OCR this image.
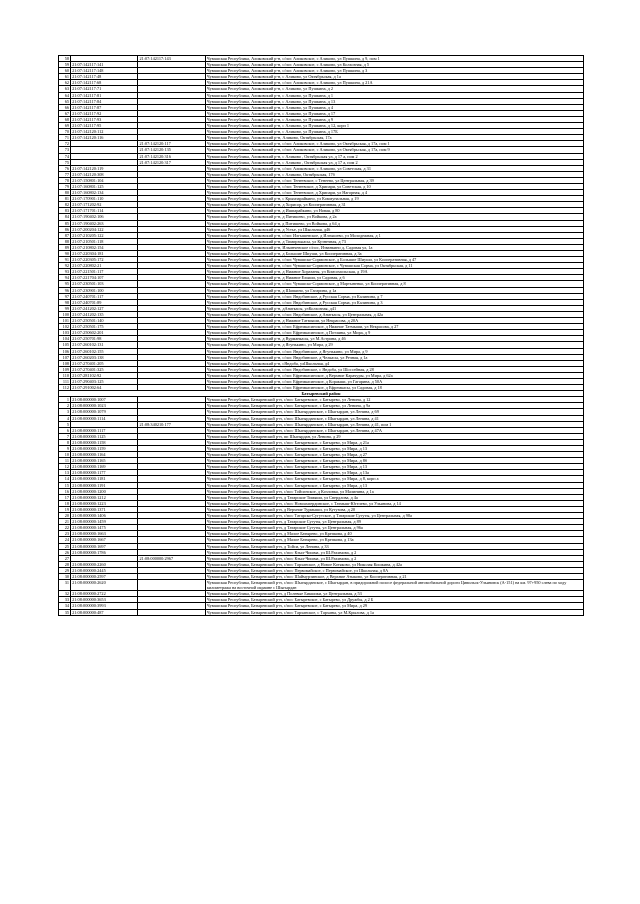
58		21:07:142117:143	Чувашская Республика, Аликовский р-н, с/пос Аликовское, с Аликово, ул Пушкина, д 9, пом 1
59	21:07:142117:141		Чувашская Республика, Аликовский р-н, с/пос Аликовское, с Аликово, ул Колхозная, д 5
60	21:07:142117:148		Чувашская Республика, Аликовский р-н, с/пос Аликовское, с Аликово, ул Пушкина, д 3
61	21:07:142117:48		Чувашская Республика, Аликовский р-н, с Аликово, ул Октябрьская, д 1а
62	21:07:142117:68		Чувашская Республика, Аликовский р-н, с/пос Аликовское, с Аликово, ул Пушкина, д 21А
63	21:07:142117:71		Чувашская Республика, Аликовский р-н, с Аликово, ул Пушкина, д 2
64	21:07:142117:81		Чувашская Республика, Аликовский р-н, с Аликово, ул Пушкина, д 1
65	21:07:142117:84		Чувашская Республика, Аликовский р-н, с Аликово, ул Пушкина, д 13
66	21:07:142117:87		Чувашская Республика, Аликовский р-н, с Аликово, ул Пушкина, д 4
67	21:07:142117:92		Чувашская Республика, Аликовский р-н, с Аликово, ул Пушкина, д 17
68	21:07:142117:93		Чувашская Республика, Аликовский р-н, с Аликово, ул Пушкина, д 9
69	21:07:142117:95		Чувашская Республика, Аликовский р-н, с Аликово, ул Пушкина, д 12, корп 1
70	21:07:142120:112		Чувашская Республика, Аликовский р-н, с Аликово, ул Пушкина, д 17Б
71	21:07:142120:116		Чувашская Республика, Аликовский р-н, Аликово, Октябрьская, 17а
72		21:07:142120:117	Чувашская Республика, Аликовский р-н, с/пос Аликовское, с Аликово, ул Октябрьская, д 17а, пом 1
73		21:07:142120:135	Чувашская Республика, Аликовский р-н, с/пос Аликовское, с Аликово, ул Октябрьская, д 17а, пом 9
74		21:07:142120:316	Чувашская Республика, Аликовский р-н, с Аликово , Октябрьская ул, д 17 а, пом 2
75		21:07:142120:317	Чувашская Республика, Аликовский р-н, с Аликово , Октябрьская ул, д 17 а, пом 2
76	21:07:142120:119		Чувашская Республика, Аликовский р-н, с/пос Аликовское, с Аликово, ул Советская, д 31
77	21:07:142120:308		Чувашская Республика, Аликовский р-н, с Аликово, Октябрьская, 17б
78	21:07:150801:104		Чувашская Республика, Аликовский р-н, с/пос Тенеевское, с Тенеево, ул Центральная, д 39
79	21:07:160801:125		Чувашская Республика, Аликовский р-н, с/пос Тенеевское, д Хрипари, ул Советская, д 10
80	21:07:160802:134		Чувашская Республика, Аликовский р-н, с/пос Тенеевское, д Хрипари, ул Нагорная, д 4
81	21:07:170901:110		Чувашская Республика, Аликовский р-н, с Крымзарайкино, ул Коммунальная, д 19
82	21:07:171202:92		Чувашская Республика, Аликовский р-н, д Хорисор, ул Кооперативная, д 31
83	21:07:171701:114		Чувашская Республика, Аликовский р-н, д Ишпарайкино, ул Новая, д 80
84	21:07:190402:106		Чувашская Республика, Аликовский р-н, д Питишево, ул Войкова, д 2а
85	21:07:190402:263		Чувашская республика, Аликовский р-н, д Питишево, ул Войкова, д 64 д
86	21:07:200204:122		Чувашская Республика, Аликовский р-н, д Устье, ул Школьная, д46
87	21:07:210205:122		Чувашская Республика, Аликовский р-н, с/пос Илгышевское, д Илгышево, ул Молодежная, д 1
88	21:07:210501:118		Чувашская Республика, Аликовский р-н, д Тимирзькасы, ул Кузнечная, д 73
89	21:07:210802:154		Чувашская Республика, Аликовский р-н, Ильинчевское с/пос, Изванкино д, Садовая ул, 1а
90	21:07:220304:181		Чувашская Республика, Аликовский р-н, д Большие Шиуши, ул Кооперативная, д 3а
91	21:07:220305:172		Чувашская Республика, Аликовский р-н, с/пос Чувашско-Сорминское, д Большие Шиуши, ул Кооперативная, д 47
92	21:07:220802:21		Чувашская Республика, Аликовский р-н, с/пос Чувашско-Сорминское, с Чувашская Сорма, ул Октябрьская, д 11
93	21:07:221501:117		Чувашская Республика, Аликовский р-н, д Нижние Хоразаны, ул Комсомольская, д 19А
94	21:07:221704:107		Чувашская Республика, Аликовский р-н, д Нижние Елыши, ул Садовая, д 6
95	21:07:230501:103		Чувашская Республика, Аликовский р-н, с/пос Чувашско-Сорминское, д Мартыненко, ул Кооперативная, д 8
96	21:07:230901:100		Чувашская Республика, Аликовский р-н, д Шапкино, ул Гагарина, д 1а
97	21:07:240701:117		Чувашская Республика, Аликовский р-н, с/пос Яндобинское, д Русская Сорма, ул Калинина, д 7
98	21:07:240701:89		Чувашская Республика, Аликовский р-н, с/пос Яндобинское, д Русская Сорма, ул Калинина, д 3
99	21:07:241202:127		Чувашская Республика, Аликовский р-н, дАнаткасы, улКолхозная, д41
100	21:07:241202:135		Чувашская Республика, Аликовский р-н, с/пос Яндобинское, д Анаткасы, ул Центральная, д 42а
101	21:07:250501:140		Чувашская Республика, Аликовский р-н, д Нижние Татмыши, ул Некрасова, д 20А
102	21:07:250501:175		Чувашская Республика, Аликовский р-н, с/пос Ефремкасинское, д Нижние Татмыши, ул Некрасова, д 27
103	21:07:250602:201		Чувашская Республика, Аликовский р-н, с/пос Ефремкасинское, д Потляны, ул Мира, д 9
104	21:07:250701:98		Чувашская Республика, Аликовский р-н, д Вурманкасы, ул М.Астрина, д 46
105	21:07:260102:131		Чувашская Республика, Аликовский р-н, д Ягунькино, ул Мира, д 29
106	21:07:260102:155		Чувашская Республика, Аликовский р-н, с/пос Яндобинское, д Ягунькино, ул Мира, д 9
107	21:07:260203:138		Чувашская Республика, Аликовский р-н, с/пос Яндобинское, д Челкасы, ул Речная, д 1а
108	21:07:270401:205		Чувашская Республика, Аликовский р-н, сЯндоба, улШкольная, д4
109	21:07:270401:325		Чувашская Республика, Аликовский р-н, с/пос Яндобинское, с Яндоба, ул Шоссейная, д 28
110	21:07:281102:92		Чувашская Республика, Аликовский р-н, с/пос Ефремкасинское, д Верхние Карачуры, ул Мира, д 62а
111	21:07:290403:125		Чувашская Республика, Аликовский р-н, с/пос Ефремкасинское, д Коракши, ул Гагарина, д 50А
112	21:07:291002:64		Чувашская Республика, Аликовский р-н, с/пос Ефремкасинское, д Ефремкасы, ул Садовая, д 18
Батыревский район			
1	21:08:000000:1007		Чувашская Республика, Батыревский р-н, с/пос Батыревское, с Батырево, ул Ленина, д 12
2	21:08:000000:1023		Чувашская Республика, Батыревский р-н, с/пос Батыревское, с Батырево, ул Ленина, д 9а
3	21:08:000000:1079		Чувашская Республика, Батыревский р-н, с/пос Шыгырданское, с Шыгырдан, ул Ленина, д 69
4	21:08:000000:1114		Чувашская Республика, Батыревский р-н, с/пос Шыгырданское, с Шыгырдан, ул Ленина, д 41
5		21:08:340210:177	Чувашская Республика, Батыревский р-н, с/пос Шыгырданское, с Шыгырдан, ул Ленина, д 41, пом 1
6	21:08:000000:1117		Чувашская Республика, Батыревский р-н, с/пос Шыгырданское, с Шыгырдан, ул Ленина, д 47А
7	21:08:000000:1125		Чувашская Республика, Батыревский р-н, пп Шыгырдан, ул Ленина, д 29
8	21:08:000000:1158		Чувашская Республика, Батыревский р-н, с/пос Батыревское, с Батырево, ул Мира, д 21а
9	21:08:000000:1159		Чувашская Республика, Батыревский р-н, с/пос Батыревское, с Батырево, ул Мира, д 13
10	21:08:000000:1164		Чувашская Республика, Батыревский р-н, с/пос Батыревское, с Батырево, ул Мира, д 27
11	21:08:000000:1165		Чувашская Республика, Батыревский р-н, с/пос Батыревское, с Батырево, ул Мира, д 8б
12	21:08:000000:1169		Чувашская Республика, Батыревский р-н, с/пос Батыревское, с Батырево, ул Мира, д 13
13	21:08:000000:1177		Чувашская Республика, Батыревский р-н, с/пос Батыревское, с Батырево, ул Мира, д 13а
14	21:08:000000:1181		Чувашская Республика, Батыревский р-н, с/пос Батыревское, с Батырево, ул Мира, д 8, корп а
15	21:08:000000:1191		Чувашская Республика, Батыревский р-н, с/пос Батыревское, с Батырево, ул Мира, д 13
16	21:08:000000:1200		Чувашская Республика, Батыревский р-н, с/пос Тойсинское, д Козловка, ул Малинина, д 1а
17	21:08:000000:1212		Чувашская Республика, Батыревский р-н, д Татарские Тимяши, ул Свердлова, д 4а
18	21:08:000000:1223		Чувашская Республика, Батыревский р-н, с/пос Новоахпердинское, с Татмыш-Югелево, ул Ульянова, д 14
19	21:08:000000:1371		Чувашская Республика, Батыревский р-н, д Верхние Турмыши, ул Кутузова, д 20
20	21:08:000000:1406		Чувашская Республика, Батыревский р-н, с/пос Татарско-Сугутское, д Татарские Сугуты, ул Центральная, д 98а
21	21:08:000000:1459		Чувашская Республика, Батыревский р-н, д Татарские Сугуты, ул Центральная, д 89
22	21:08:000000:1475		Чувашская Республика, Батыревский р-н, д Татарские Сугуты, ул Центральная, д 96а
23	21:08:000000:1663		Чувашская Республика, Батыревский р-н, д Малое Батырево, ул Крепкова, д 40
24	21:08:000000:1667		Чувашская Республика, Батыревский р-н, д Малое Батырево, ул Крепкова, д 13а
25	21:08:000000:1697		Чувашская Республика, Батыревский р-н, д Тойси, ул Ленина, д 33
26	21:08:000000:1786		Чувашская Республика, Батыревский р-н, с/пос Кзыл-Чишма, ул Ш.Рахимова, д 2
27		21:08:000000:2967	Чувашская Республика, Батыревский р-н, с/пос Кзыл-Чишма, ул Ш.Рахимова, д 2
28	21:08:000000:2260		Чувашская Республика, Батыревский р-н, с/пос Тарханское, д Новое Котяково, ул Николая Кошкина, д 42а
29	21:08:000000:2445		Чувашская Республика, Батыревский р-н, с/пос Первомайское, с Первомайское, ул Школьная, д 8А
30	21:08:000000:2597		Чувашская Республика, Батыревский р-н, с/пос Шаймурзинское, д Верхние Атыково, ул Кооперативная, д 21
31	21:08:000000:2620		Чувашская Республика, Батыревский р-н, с/пос Шыгырданское, с Шыгырдан, в придорожной полосе федеральной автомобильной дороги Цивильск-Ульяновск (А-151) на км. 97+950 слева по ходу километража на восточной окраине с Шыгырдан
32	21:08:000000:2722		Чувашская Республика, Батыревский р-н, д Полевые Бикшики, ул Центральная, д 53
33	21:08:000000:3653		Чувашская Республика, Батыревский р-н, с/пос Батыревское, с Батырево, ул Дружбы, д 2 Б
34	21:08:000000:3993		Чувашская Республика, Батыревский р-н, с/пос Батыревское, с Батырево, ул Мира, д 29
35	21:08:000000:487		Чувашская Республика, Батыревский р-н, с/пос Тарханское, с Тарханы, ул М.Крылова, д 1а
